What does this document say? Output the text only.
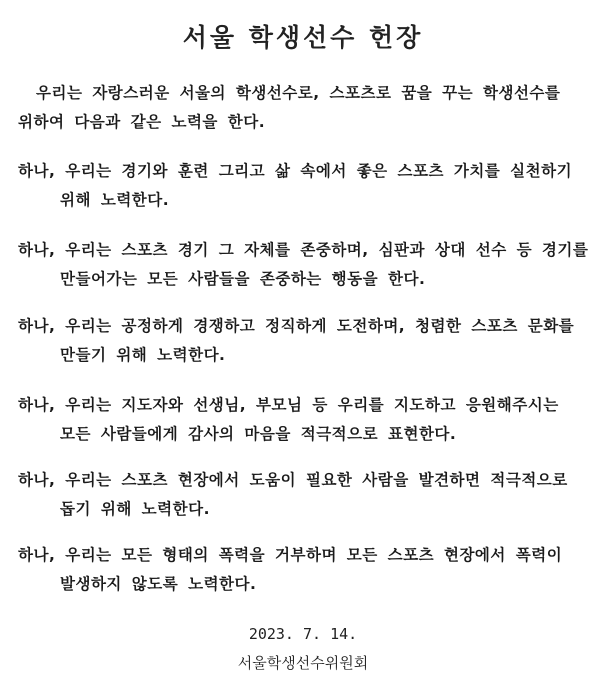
서울 학생선수 헌장
우리는 자랑스러운 서울의 학생선수로, 스포츠로 꿈을 꾸는 학생선수를
위하여 다음과 같은 노력을 한다.
하나, 우리는 경기와 훈련 그리고 삶 속에서 좋은 스포츠 가치를 실천하기
위해 노력한다.
하나, 우리는 스포츠 경기 그 자체를 존중하며, 심판과 상대 선수 등 경기를
만들어가는 모든 사람들을 존중하는 행동을 한다.
하나, 우리는 공정하게 경쟁하고 정직하게 도전하며, 청렴한 스포츠 문화를
만들기 위해 노력한다.
하나, 우리는 지도자와 선생님, 부모님 등 우리를 지도하고 응원해주시는
모든 사람들에게 감사의 마음을 적극적으로 표현한다.
하나, 우리는 스포츠 현장에서 도움이 필요한 사람을 발견하면 적극적으로
돕기 위해 노력한다.
하나, 우리는 모든 형태의 폭력을 거부하며 모든 스포츠 현장에서 폭력이
발생하지 않도록 노력한다.
2023. 7. 14.
서울학생선수위원회
